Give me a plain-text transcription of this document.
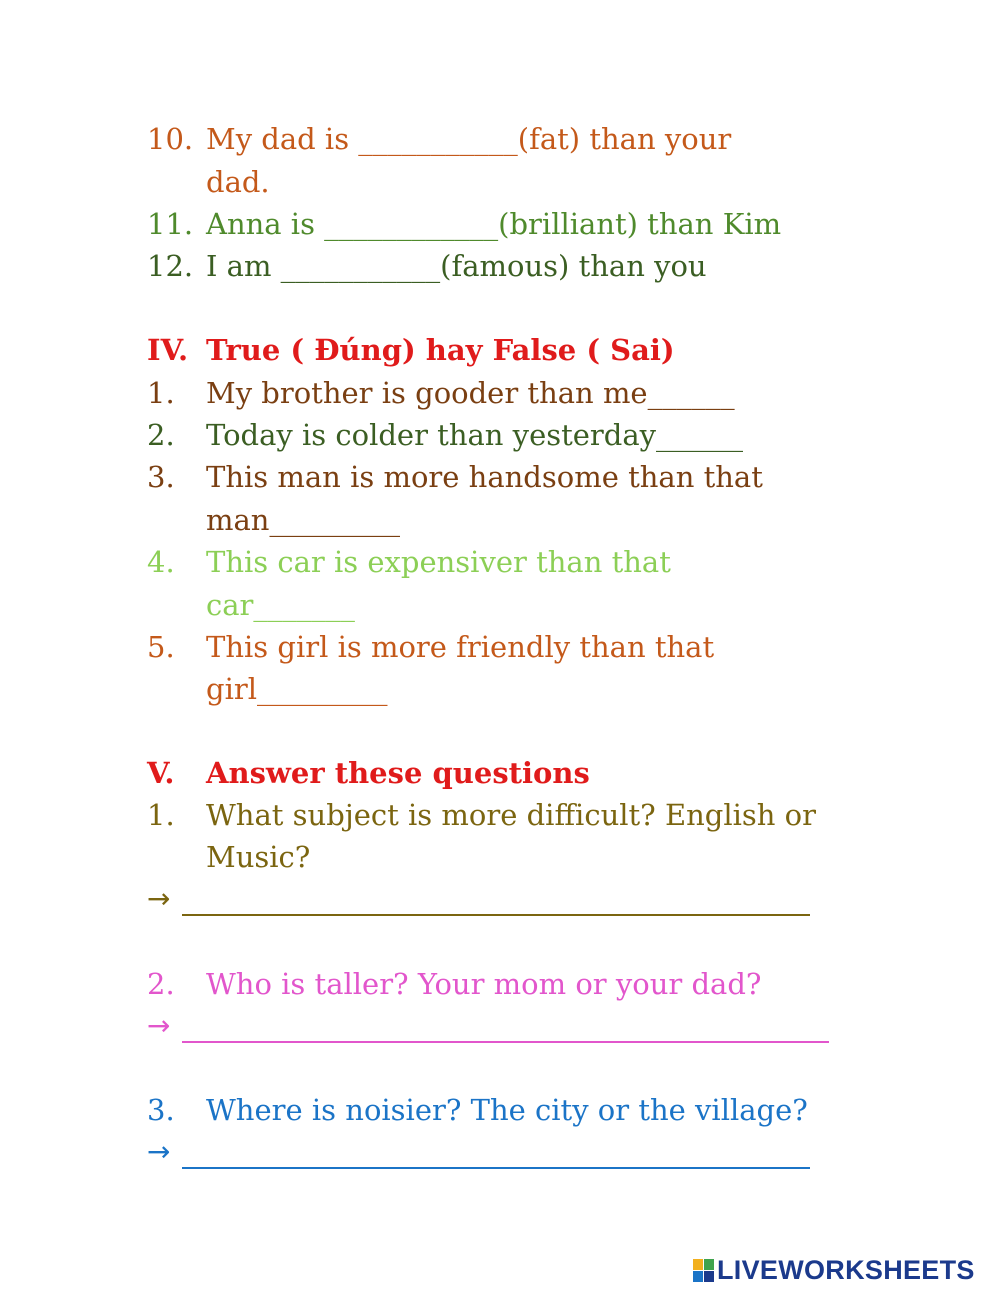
10. My dad is ___________(fat) than your
dad.
11. Anna is ____________(brilliant) than Kim
12. I am ___________(famous) than you
IV. True ( Đúng) hay False ( Sai)
1. My brother is gooder than me______
2. Today is colder than yesterday______
3. This man is more handsome than that
man_________
4. This car is expensiver than that
car_______
5. This girl is more friendly than that
girl_________
V. Answer these questions
1. What subject is more difficult? English or
Music?
→
2. Who is taller? Your mom or your dad?
→
3. Where is noisier? The city or the village?
→
LIVEWORKSHEETS
